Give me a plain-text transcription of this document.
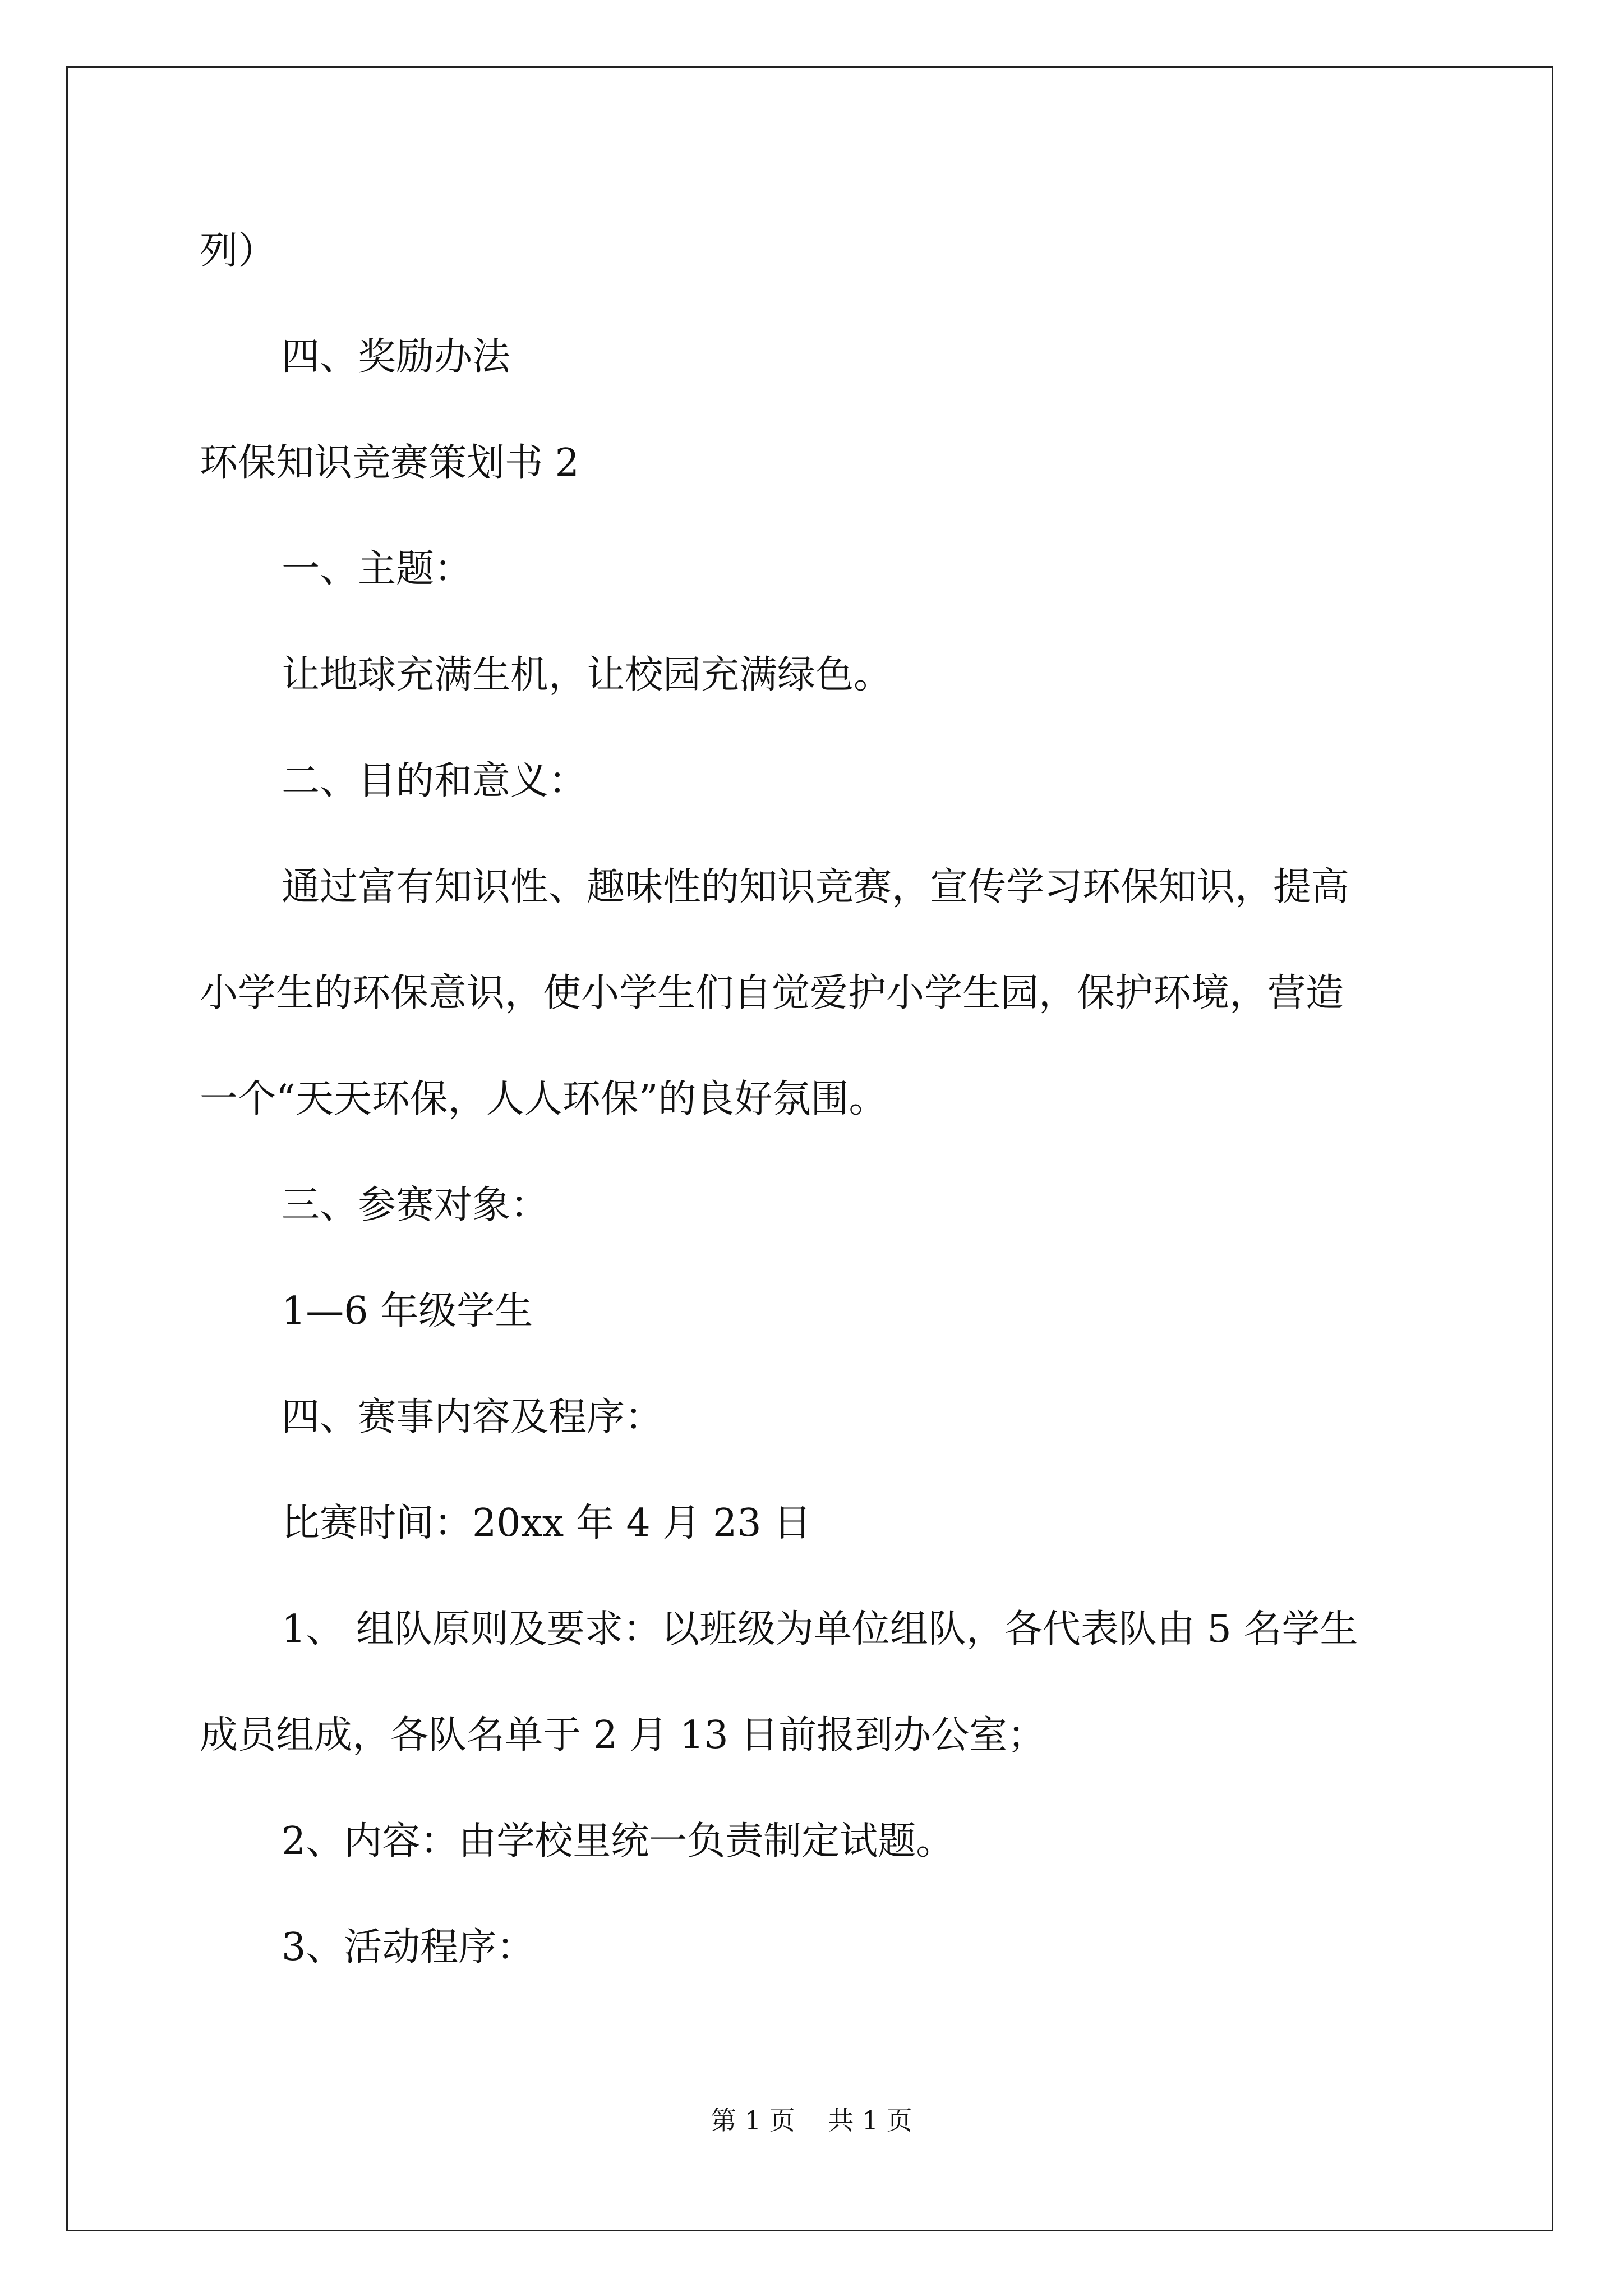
列）
四、奖励办法
环保知识竞赛策划书 2
一、主题：
让地球充满生机，让校园充满绿色。
二、目的和意义：
通过富有知识性、趣味性的知识竞赛，宣传学习环保知识，提高
小学生的环保意识，使小学生们自觉爱护小学生园，保护环境，营造
一个“天天环保，人人环保”的良好氛围。
三、参赛对象：
1—6 年级学生
四、赛事内容及程序：
比赛时间：20xx 年 4 月 23 日
1、 组队原则及要求：以班级为单位组队，各代表队由 5 名学生
成员组成，各队名单于 2 月 13 日前报到办公室；
2、内容：由学校里统一负责制定试题。
3、活动程序：
第 1 页    共 1 页
